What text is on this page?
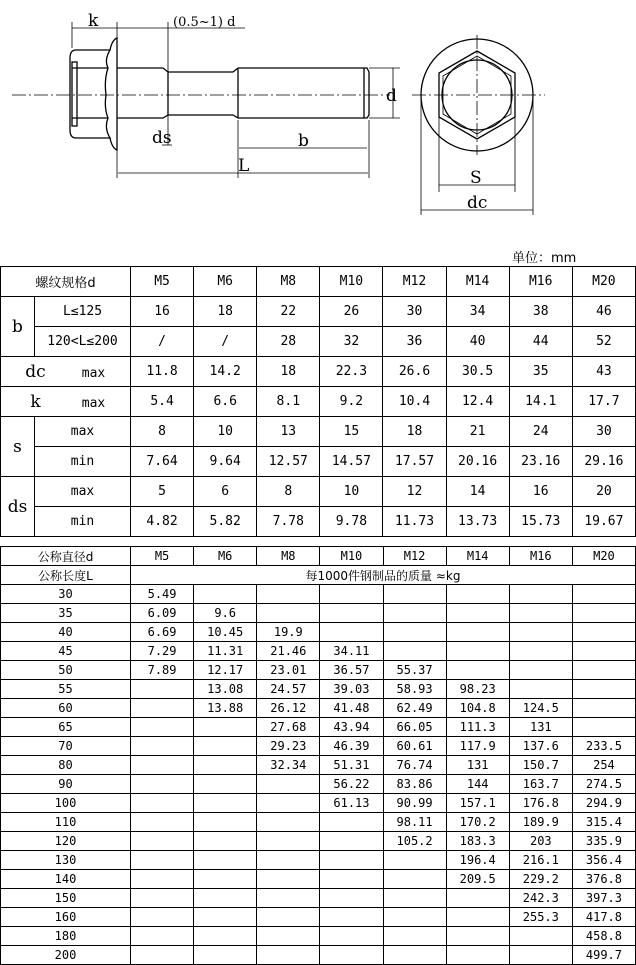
k	(0.5~1) d
ds	b
L
d
S
dc
单位：mm
螺纹规格d		M5	M6	M8	M10	M12	M14	M16	M20
b	L≤125	16	18	22	26	30	34	38	46
	120<L≤200	/	/	28	32	36	40	44	52
dc max		11.8	14.2	18	22.3	26.6	30.5	35	43
k max		5.4	6.6	8.1	9.2	10.4	12.4	14.1	17.7
s	max	8	10	13	15	18	21	24	30
	min	7.64	9.64	12.57	14.57	17.57	20.16	23.16	29.16
ds	max	5	6	8	10	12	14	16	20
	min	4.82	5.82	7.78	9.78	11.73	13.73	15.73	19.67
公称直径d	M5	M6	M8	M10	M12	M14	M16	M20
公称长度L	每1000件钢制品的质量 ≈kg							
30	5.49							
35	6.09	9.6						
40	6.69	10.45	19.9					
45	7.29	11.31	21.46	34.11				
50	7.89	12.17	23.01	36.57	55.37			
55		13.08	24.57	39.03	58.93	98.23		
60		13.88	26.12	41.48	62.49	104.8	124.5	
65			27.68	43.94	66.05	111.3	131	
70			29.23	46.39	60.61	117.9	137.6	233.5
80			32.34	51.31	76.74	131	150.7	254
90				56.22	83.86	144	163.7	274.5
100				61.13	90.99	157.1	176.8	294.9
110					98.11	170.2	189.9	315.4
120					105.2	183.3	203	335.9
130						196.4	216.1	356.4
140						209.5	229.2	376.8
150							242.3	397.3
160							255.3	417.8
180								458.8
200								499.7
